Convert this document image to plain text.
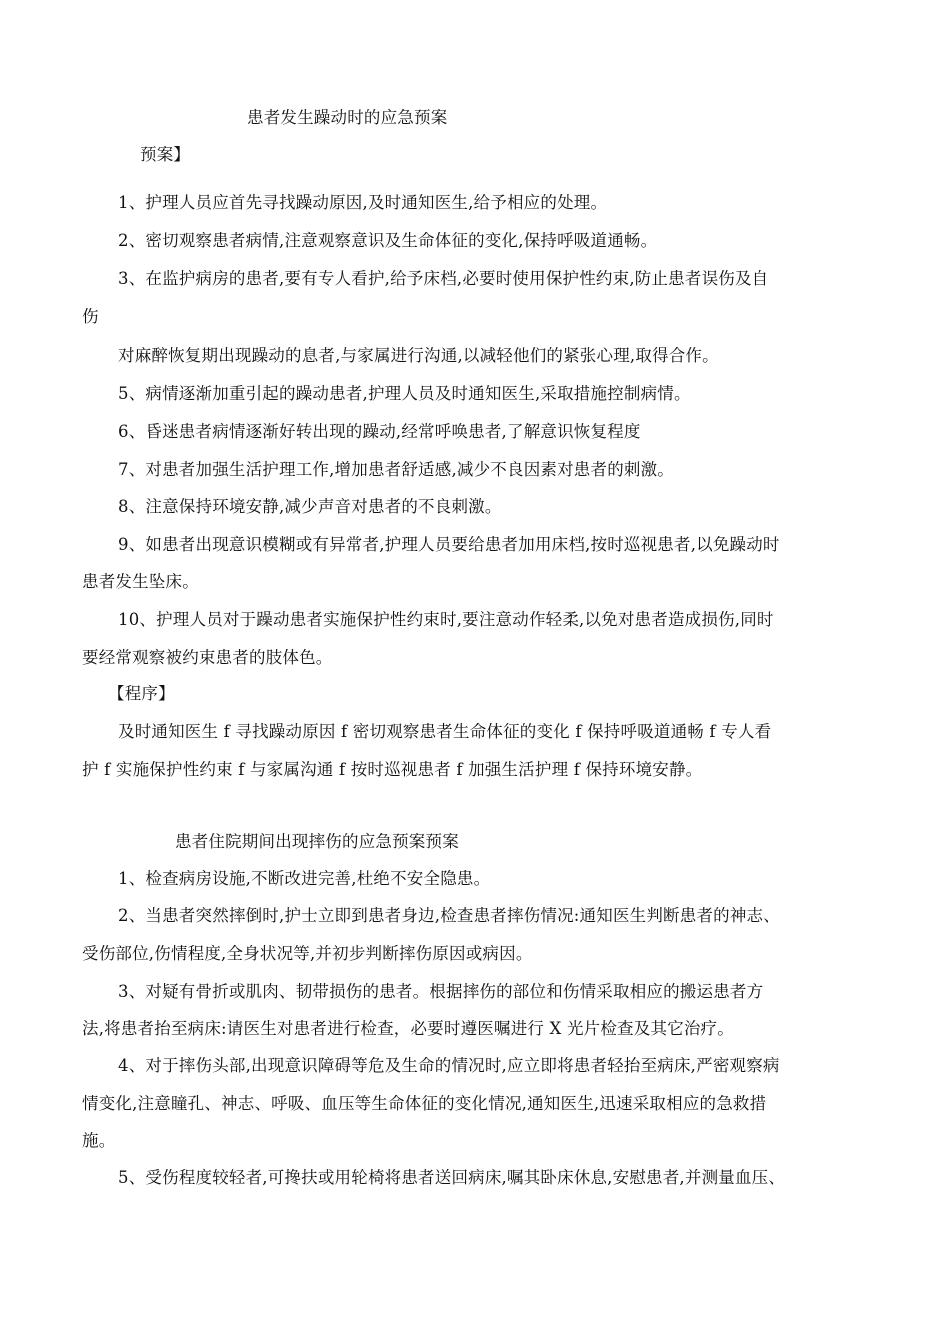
患者发生躁动时的应急预案
预案】
1、护理人员应首先寻找躁动原因,及时通知医生,给予相应的处理。
2、密切观察患者病情,注意观察意识及生命体征的变化,保持呼吸道通畅。
3、在监护病房的患者,要有专人看护,给予床档,必要时使用保护性约束,防止患者误伤及自
伤
对麻醉恢复期出现躁动的息者,与家属进行沟通,以减轻他们的紧张心理,取得合作。
5、病情逐渐加重引起的躁动患者,护理人员及时通知医生,采取措施控制病情。
6、昏迷患者病情逐渐好转出现的躁动,经常呼唤患者,了解意识恢复程度
7、对患者加强生活护理工作,增加患者舒适感,减少不良因素对患者的刺激。
8、注意保持环境安静,减少声音对患者的不良刺激。
9、如患者出现意识模糊或有异常者,护理人员要给患者加用床档,按时巡视患者,以免躁动时
患者发生坠床。
10、护理人员对于躁动患者实施保护性约束时,要注意动作轻柔,以免对患者造成损伤,同时
要经常观察被约束患者的肢体色。
【程序】
及时通知医生 f 寻找躁动原因 f 密切观察患者生命体征的变化 f 保持呼吸道通畅 f 专人看
护 f 实施保护性约束 f 与家属沟通 f 按时巡视患者 f 加强生活护理 f 保持环境安静。
患者住院期间出现摔伤的应急预案预案
1、检查病房设施,不断改进完善,杜绝不安全隐患。
2、当患者突然摔倒时,护士立即到患者身边,检查患者摔伤情况:通知医生判断患者的神志、
受伤部位,伤情程度,全身状况等,并初步判断摔伤原因或病因。
3、对疑有骨折或肌肉、韧带损伤的患者。根据摔伤的部位和伤情采取相应的搬运患者方
法,将患者抬至病床:请医生对患者进行检查，必要时遵医嘱进行 X 光片检查及其它治疗。
4、对于摔伤头部,出现意识障碍等危及生命的情况时,应立即将患者轻抬至病床,严密观察病
情变化,注意瞳孔、神志、呼吸、血压等生命体征的变化情况,通知医生,迅速采取相应的急救措
施。
5、受伤程度较轻者,可搀扶或用轮椅将患者送回病床,嘱其卧床休息,安慰患者,并测量血压、
